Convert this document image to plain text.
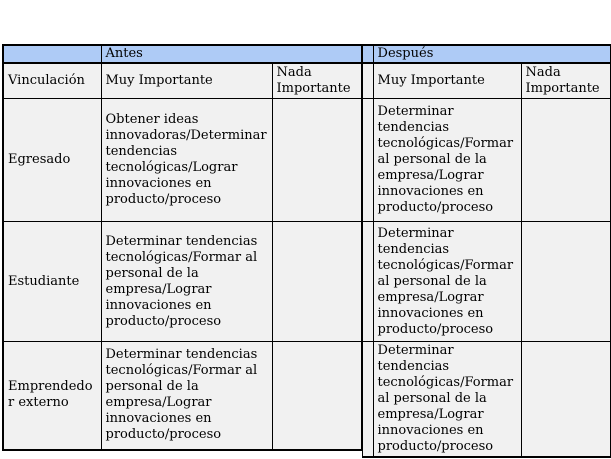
	Antes	
Vinculación	Muy Importante	Nada Importante
Egresado	Obtener ideas innovadoras/Determinar tendencias tecnológicas/Lograr innovaciones en producto/proceso	
Estudiante	Determinar tendencias tecnológicas/Formar al personal de la empresa/Lograr innovaciones en producto/proceso	
Emprendedor externo	Determinar tendencias tecnológicas/Formar al personal de la empresa/Lograr innovaciones en producto/proceso	
	Después	
	Muy Importante	Nada Importante
	Determinar tendencias tecnológicas/Formar al personal de la empresa/Lograr innovaciones en producto/proceso	
	Determinar tendencias tecnológicas/Formar al personal de la empresa/Lograr innovaciones en producto/proceso	
	Determinar tendencias tecnológicas/Formar al personal de la empresa/Lograr innovaciones en producto/proceso	
